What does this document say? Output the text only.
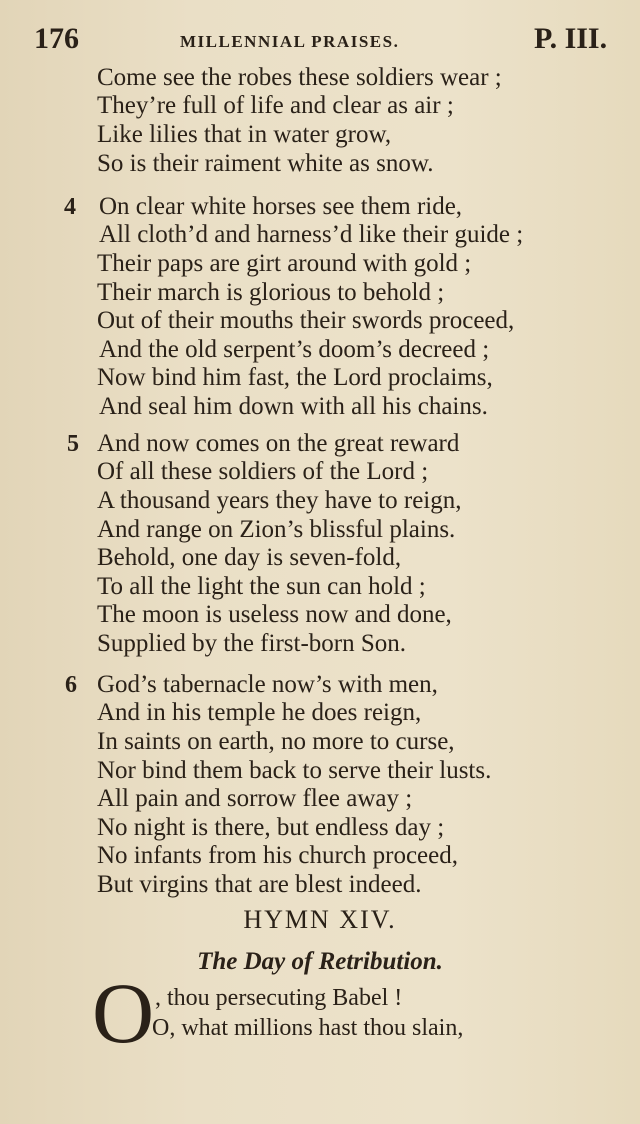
176	MILLENNIAL PRAISES.	P. III.
Come see the robes these soldiers wear ;
They’re full of life and clear as air ;
Like lilies that in water grow,
So is their raiment white as snow.
4 On clear white horses see them ride,
All cloth’d and harness’d like their guide ;
Their paps are girt around with gold ;
Their march is glorious to behold ;
Out of their mouths their swords proceed,
And the old serpent’s doom’s decreed ;
Now bind him fast, the Lord proclaims,
And seal him down with all his chains.
5 And now comes on the great reward
Of all these soldiers of the Lord ;
A thousand years they have to reign,
And range on Zion’s blissful plains.
Behold, one day is seven-fold,
To all the light the sun can hold ;
The moon is useless now and done,
Supplied by the first-born Son.
6 God’s tabernacle now’s with men,
And in his temple he does reign,
In saints on earth, no more to curse,
Nor bind them back to serve their lusts.
All pain and sorrow flee away ;
No night is there, but endless day ;
No infants from his church proceed,
But virgins that are blest indeed.
HYMN XIV.
The Day of Retribution.
O , thou persecuting Babel !
O, what millions hast thou slain,
